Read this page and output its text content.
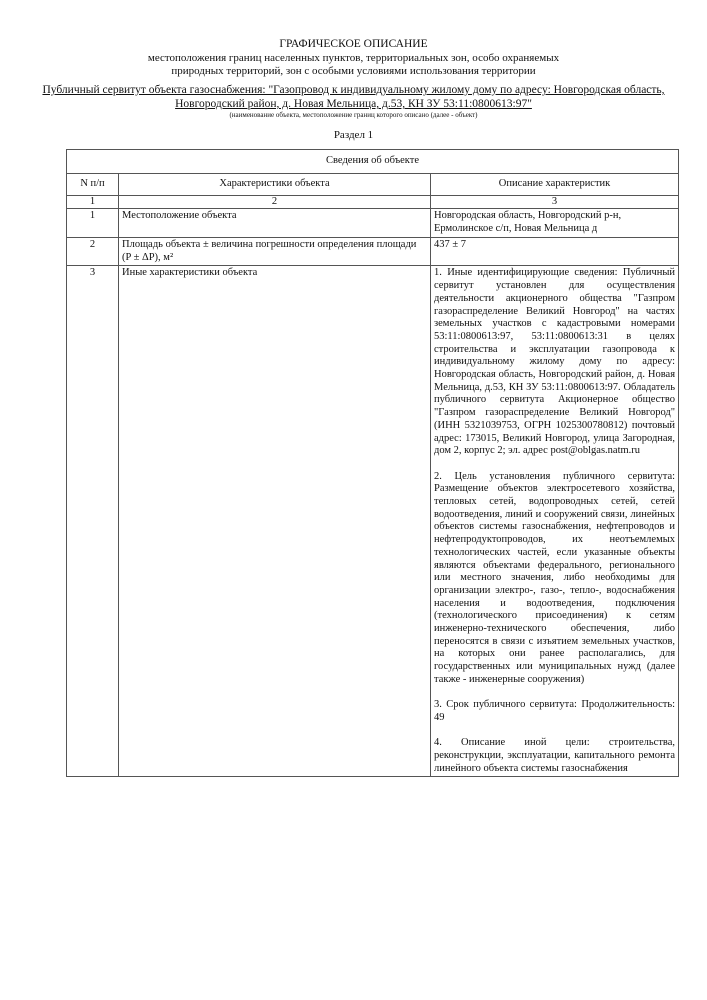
ГРАФИЧЕСКОЕ ОПИСАНИЕ
местоположения границ населенных пунктов, территориальных зон, особо охраняемых
природных территорий, зон с особыми условиями использования территории
Публичный сервитут объекта газоснабжения: "Газопровод к индивидуальному жилому дому по адресу: Новгородская область, Новгородский район, д. Новая Мельница, д.53, КН ЗУ 53:11:0800613:97"
(наименование объекта, местоположение границ которого описано (далее - объект)
Раздел 1
Сведения об объекте		
N п/п	Характеристики объекта	Описание характеристик
1	2	3
1	Местоположение объекта	Новгородская область, Новгородский р-н, Ермолинское с/п, Новая Мельница д
2	Площадь объекта ± величина погрешности определения площади (P ± ΔP), м²	437 ± 7
3	Иные характеристики объекта	1. Иные идентифицирующие сведения: Публичный сервитут установлен для осуществления деятельности акционерного общества "Газпром газораспределение Великий Новгород" на частях земельных участков с кадастровыми номерами 53:11:0800613:97, 53:11:0800613:31 в целях строительства и эксплуатации газопровода к индивидуальному жилому дому по адресу: Новгородская область, Новгородский район, д. Новая Мельница, д.53, КН ЗУ 53:11:0800613:97. Обладатель публичного сервитута Акционерное общество "Газпром газораспределение Великий Новгород" (ИНН 5321039753, ОГРН 1025300780812) почтовый адрес: 173015, Великий Новгород, улица Загородная, дом 2, корпус 2; эл. адрес post@oblgas.natm.ru

2. Цель установления публичного сервитута: Размещение объектов электросетевого хозяйства, тепловых сетей, водопроводных сетей, сетей водоотведения, линий и сооружений связи, линейных объектов системы газоснабжения, нефтепроводов и нефтепродуктопроводов, их неотъемлемых технологических частей, если указанные объекты являются объектами федерального, регионального или местного значения, либо необходимы для организации электро-, газо-, тепло-, водоснабжения населения и водоотведения, подключения (технологического присоединения) к сетям инженерно-технического обеспечения, либо переносятся в связи с изъятием земельных участков, на которых они ранее располагались, для государственных или муниципальных нужд (далее также - инженерные сооружения)

3. Срок публичного сервитута: Продолжительность: 49

4. Описание иной цели: строительства, реконструкции, эксплуатации, капитального ремонта линейного объекта системы газоснабжения
